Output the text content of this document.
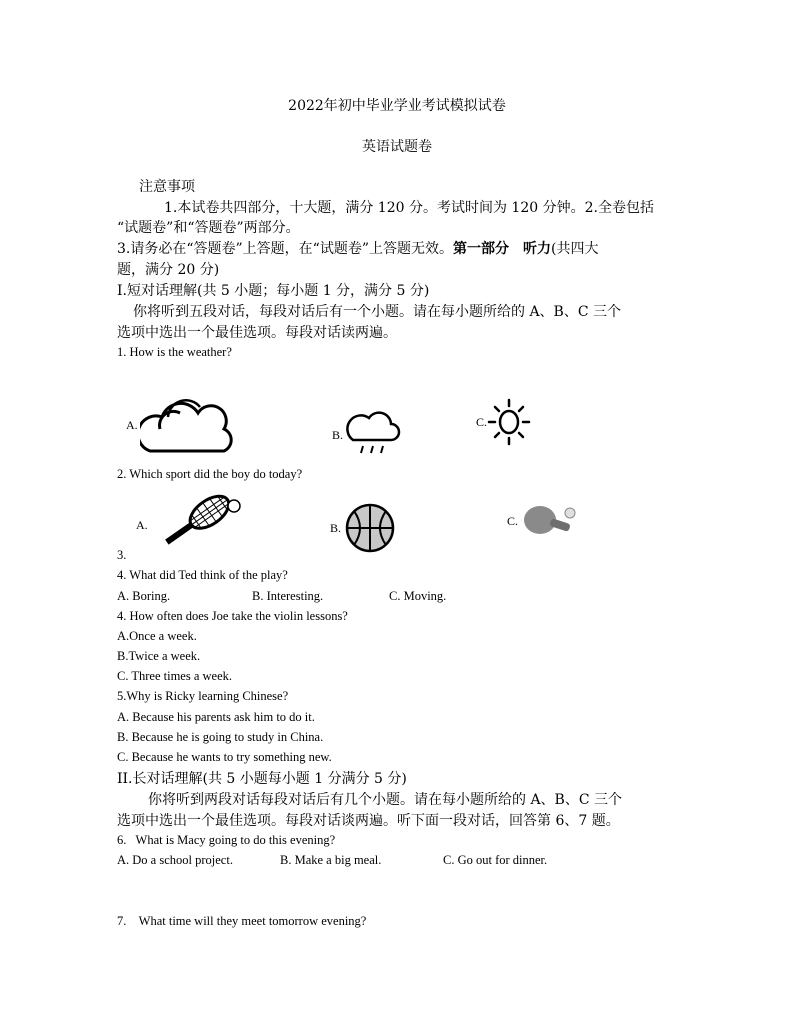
2022年初中毕业学业考试模拟试卷
英语试题卷
注意事项
1.本试卷共四部分，十大题，满分 120 分。考试时间为 120 分钟。2.全卷包括
“试题卷”和“答题卷”两部分。
3.请务必在“答题卷”上答题，在“试题卷”上答题无效。第一部分　听力(共四大
题，满分 20 分)
I.短对话理解(共 5 小题；每小题 1 分，满分 5 分)
你将听到五段对话，每段对话后有一个小题。请在每小题所给的 A、B、C 三个
选项中选出一个最佳选项。每段对话读两遍。
1. How is the weather?
A.
B.
C.
2. Which sport did the boy do today?
A.	B.	C.
3.
4. What did Ted think of the play?
A. Boring.	B. Interesting.	C. Moving.
4. How often does Joe take the violin lessons?
A.Once a week.
B.Twice a week.
C. Three times a week.
5.Why is Ricky learning Chinese?
A. Because his parents ask him to do it.
B. Because he is going to study in China.
C. Because he wants to try something new.
II.长对话理解(共 5 小题每小题 1 分满分 5 分)
你将听到两段对话每段对话后有几个小题。请在每小题所给的 A、B、C 三个
选项中选出一个最佳选项。每段对话谈两遍。听下面一段对话，回答第 6、7 题。
6.   What is Macy going to do this evening?
A. Do a school project.	B. Make a big meal.	C. Go out for dinner.
7.    What time will they meet tomorrow evening?
